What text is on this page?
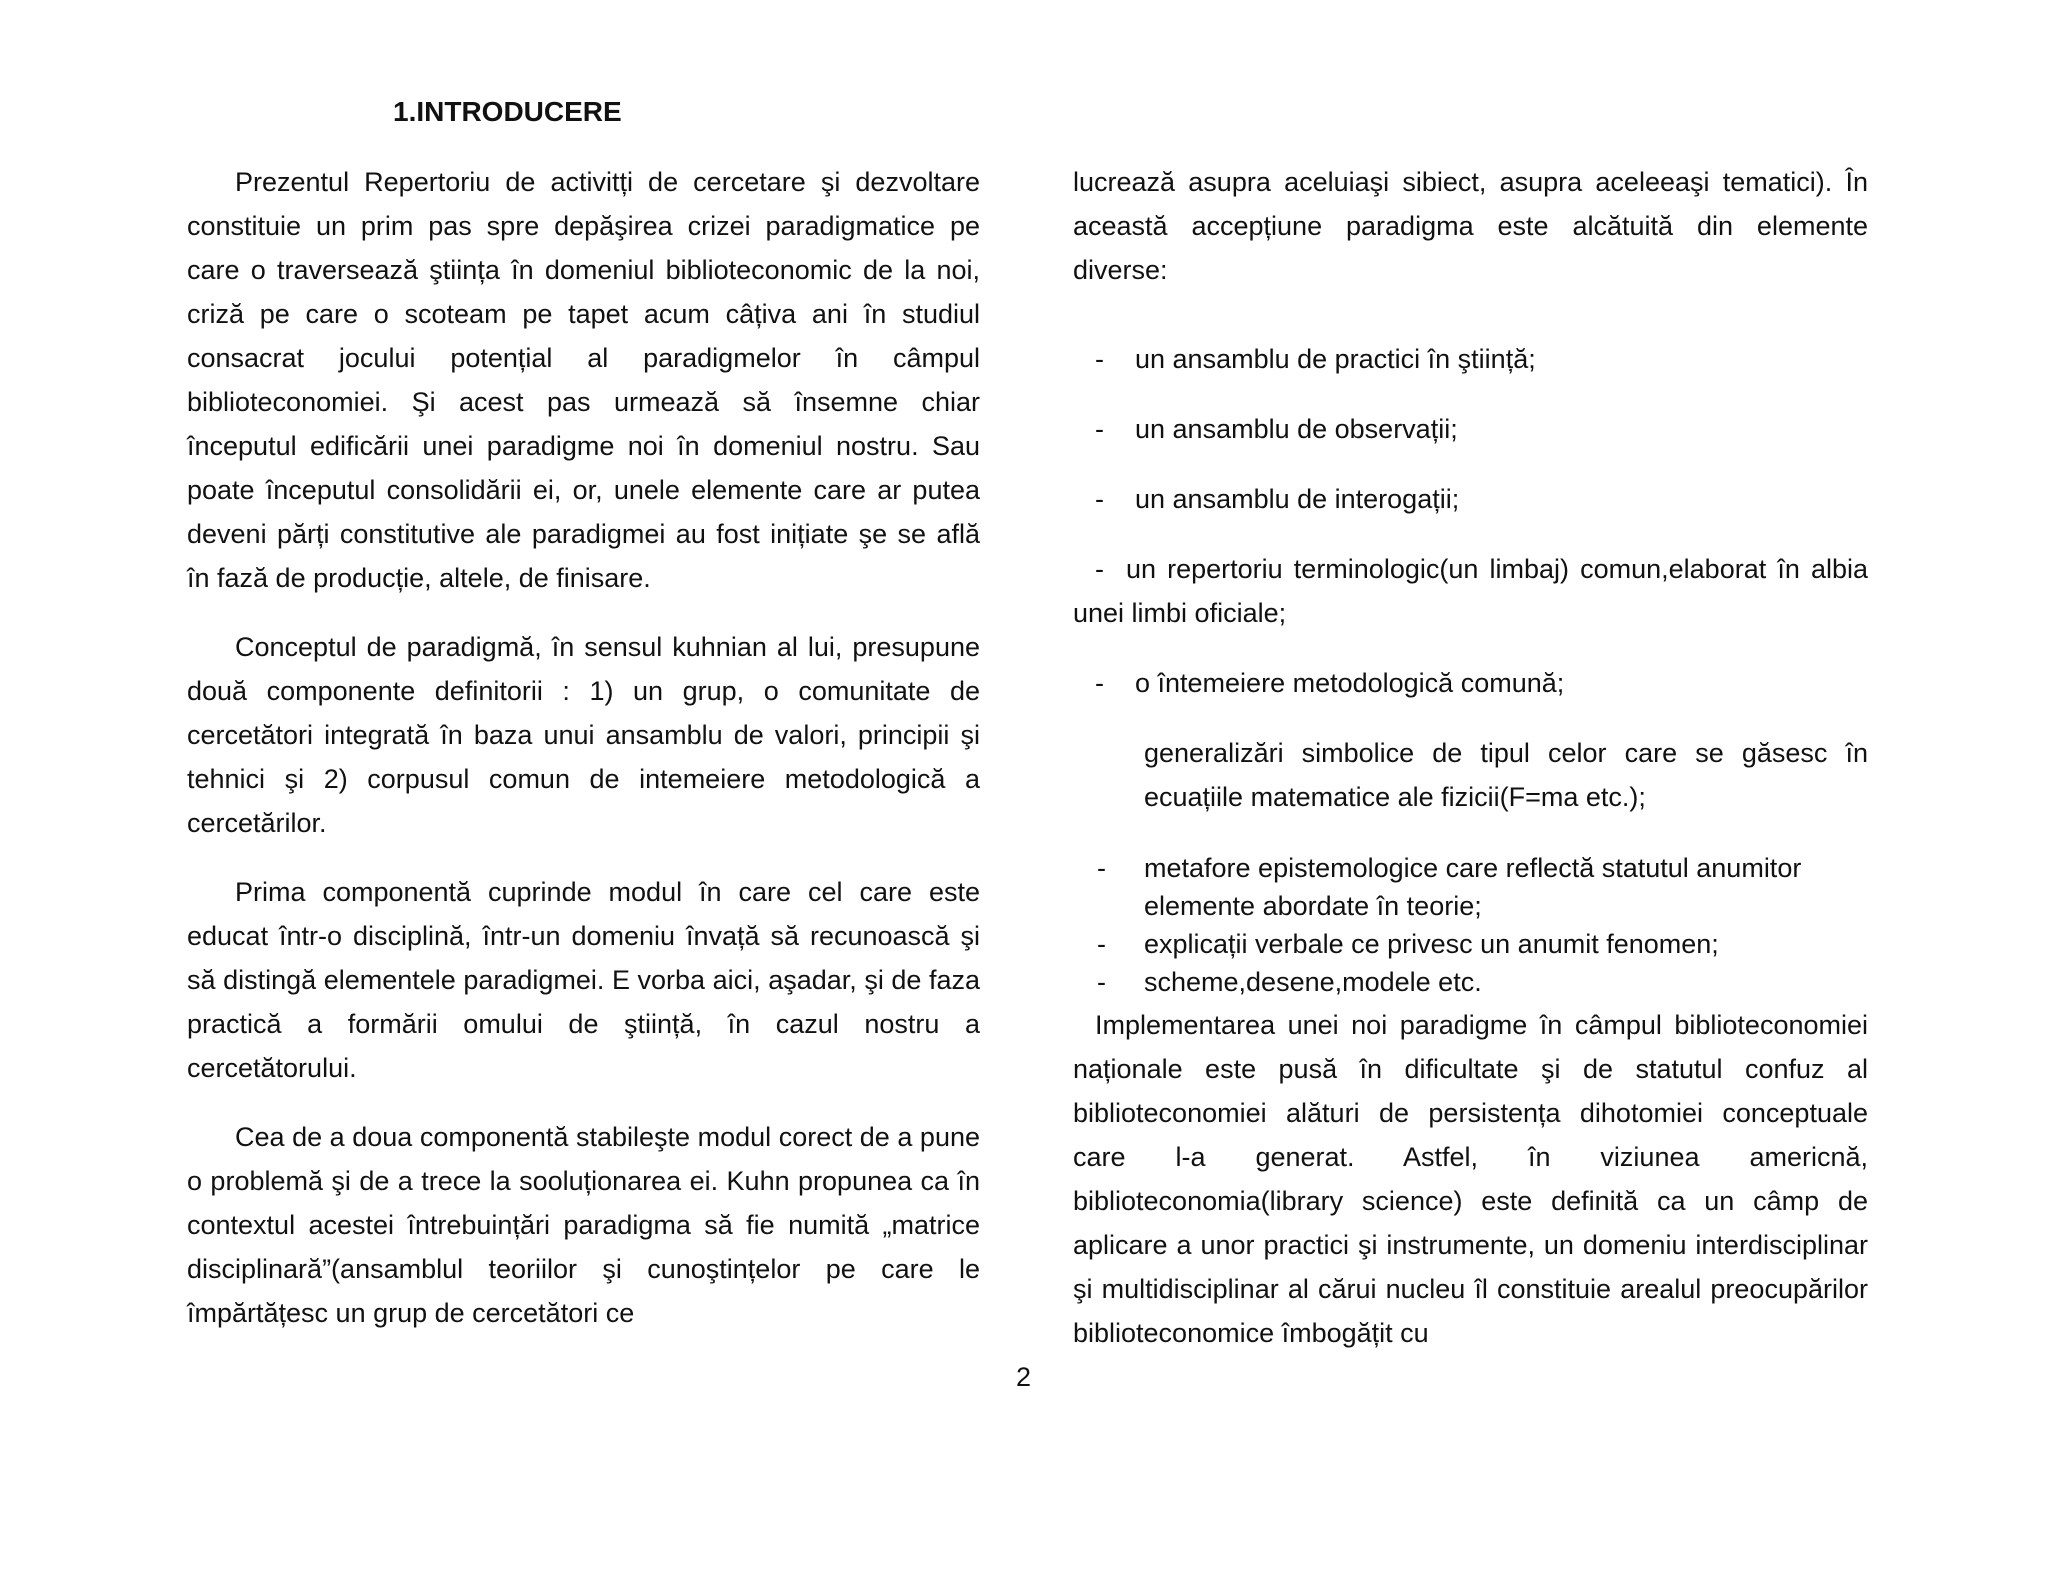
1.INTRODUCERE

Prezentul Repertoriu de activitți de cercetare şi dezvoltare constituie un prim pas spre depăşirea crizei paradigmatice pe care o traversează ştiința în domeniul biblioteconomic de la noi, criză pe care o scoteam pe tapet acum câțiva ani în studiul consacrat jocului potențial al paradigmelor în câmpul biblioteconomiei. Şi acest pas urmează să însemne chiar începutul edificării unei paradigme noi în domeniul nostru. Sau poate începutul consolidării ei, or, unele elemente care ar putea deveni părți constitutive ale paradigmei au fost inițiate şe se află în fază de producție, altele, de finisare.

Conceptul de paradigmă, în sensul kuhnian al lui, presupune două componente definitorii : 1) un grup, o comunitate de cercetători integrată în baza unui ansamblu de valori, principii şi tehnici şi 2) corpusul comun de intemeiere metodologică a cercetărilor.

Prima componentă cuprinde modul în care cel care este educat într-o disciplină, într-un domeniu învață să recunoască şi să distingă elementele paradigmei. E vorba aici, aşadar, şi de faza practică a formării omului de ştiință, în cazul nostru a cercetătorului.

Cea de a doua componentă stabileşte modul corect de a pune o problemă şi de a trece la sooluționarea ei. Kuhn propunea ca în contextul acestei întrebuințări paradigma să fie numită „matrice disciplinară”(ansamblul teoriilor şi cunoştințelor pe care le împărtățesc un grup de cercetători ce

lucrează asupra aceluiaşi sibiect, asupra aceleeaşi tematici). În această accepțiune paradigma este alcătuită din elemente diverse:

- un ansamblu de practici în ştiință;
- un ansamblu de observații;
- un ansamblu de interogații;
- un repertoriu terminologic(un limbaj) comun,elaborat în albia unei limbi oficiale;
- o întemeiere metodologică comună;

generalizări simbolice de tipul celor care se găsesc în ecuațiile matematice ale fizicii(F=ma etc.);

- metafore epistemologice care reflectă statutul anumitor elemente abordate în teorie;
- explicații verbale ce privesc un anumit fenomen;
- scheme,desene,modele etc.

Implementarea unei noi paradigme în câmpul biblioteconomiei naționale este pusă în dificultate şi de statutul confuz al biblioteconomiei alături de persistența dihotomiei conceptuale care l-a generat. Astfel, în viziunea americnă, biblioteconomia(library science) este definită ca un câmp de aplicare a unor practici şi instrumente, un domeniu interdisciplinar şi multidisciplinar al cărui nucleu îl constituie arealul preocupărilor biblioteconomice îmbogățit cu

2
